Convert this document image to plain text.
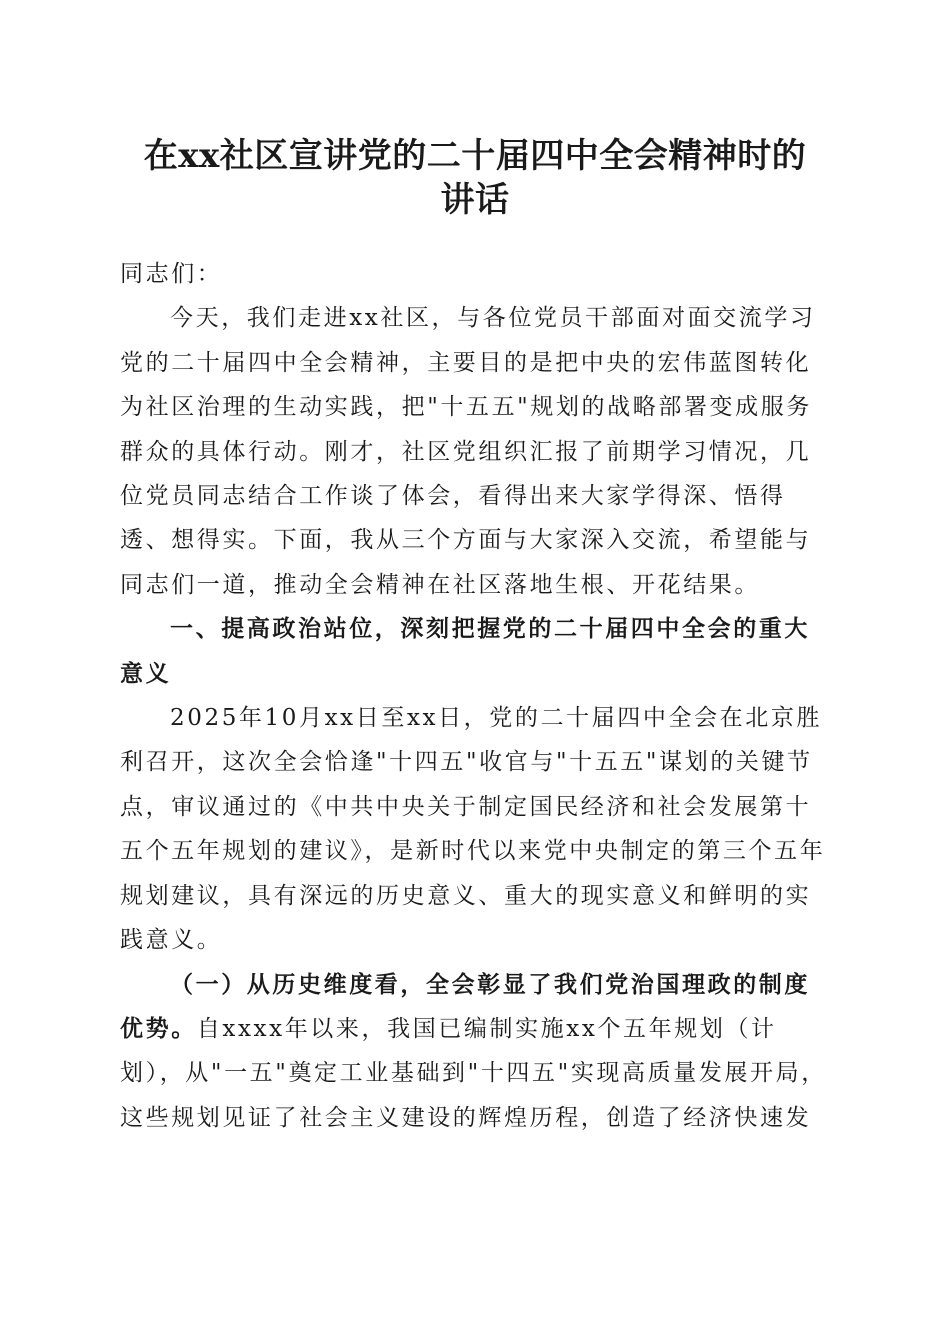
在xx社区宣讲党的二十届四中全会精神时的
讲话

同志们：

今天，我们走进xx社区，与各位党员干部面对面交流学习党的二十届四中全会精神，主要目的是把中央的宏伟蓝图转化为社区治理的生动实践，把"十五五"规划的战略部署变成服务群众的具体行动。刚才，社区党组织汇报了前期学习情况，几位党员同志结合工作谈了体会，看得出来大家学得深、悟得透、想得实。下面，我从三个方面与大家深入交流，希望能与同志们一道，推动全会精神在社区落地生根、开花结果。

一、提高政治站位，深刻把握党的二十届四中全会的重大意义

2025年10月xx日至xx日，党的二十届四中全会在北京胜利召开，这次全会恰逢"十四五"收官与"十五五"谋划的关键节点，审议通过的《中共中央关于制定国民经济和社会发展第十五个五年规划的建议》，是新时代以来党中央制定的第三个五年规划建议，具有深远的历史意义、重大的现实意义和鲜明的实践意义。

（一）从历史维度看，全会彰显了我们党治国理政的制度优势。自xxxx年以来，我国已编制实施xx个五年规划（计划），从"一五"奠定工业基础到"十四五"实现高质量发展开局，这些规划见证了社会主义建设的辉煌历程，创造了经济快速发
